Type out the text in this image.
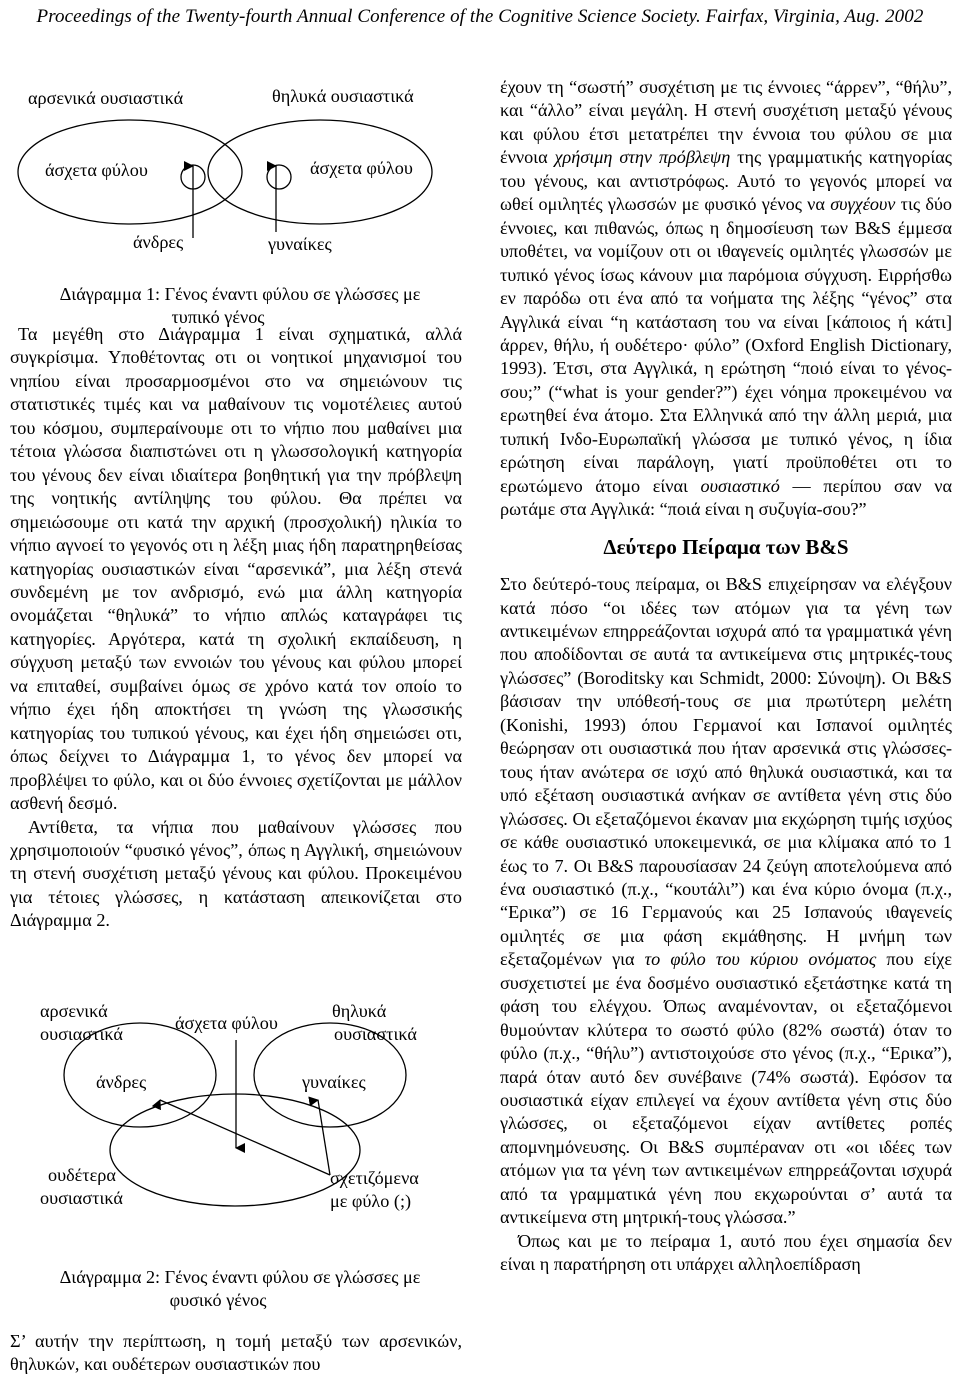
Proceedings of the Twenty-fourth Annual Conference of the Cognitive Science Society. Fairfax, Virginia, Aug. 2002
αρσενικά ουσιαστικά	θηλυκά ουσιαστικά
άσχετα φύλου	άσχετα φύλου
άνδρες	γυναίκες
Διάγραμμα 1: Γένος έναντι φύλου σε γλώσσες με
τυπικό γένος

Τα μεγέθη στο Διάγραμμα 1 είναι σχηματικά, αλλά συγκρίσιμα. Υποθέτοντας οτι οι νοητικοί μηχανισμοί του νηπίου είναι προσαρμοσμένοι στο να σημειώνουν τις στατιστικές τιμές και να μαθαίνουν τις νομοτέλειες αυτού του κόσμου, συμπεραίνουμε οτι το νήπιο που μαθαίνει μια τέτοια γλώσσα διαπιστώνει οτι η γλωσσολογική κατηγορία του γένους δεν είναι ιδιαίτερα βοηθητική για την πρόβλεψη της νοητικής αντίληψης του φύλου. Θα πρέπει να σημειώσουμε οτι κατά την αρχική (προσχολική) ηλικία το νήπιο αγνοεί το γεγονός οτι η λέξη μιας ήδη παρατηρηθείσας κατηγορίας ουσιαστικών είναι “αρσενικά”, μια λέξη στενά συνδεμένη με τον ανδρισμό, ενώ μια άλλη κατηγορία ονομάζεται “θηλυκά” το νήπιο απλώς καταγράφει τις κατηγορίες. Αργότερα, κατά τη σχολική εκπαίδευση, η σύγχυση μεταξύ των εννοιών του γένους και φύλου μπορεί να επιταθεί, συμβαίνει όμως σε χρόνο κατά τον οποίο το νήπιο έχει ήδη αποκτήσει τη γνώση της γλωσσικής κατηγορίας του τυπικού γένους, και έχει ήδη σημειώσει οτι, όπως δείχνει το Διάγραμμα 1, το γένος δεν μπορεί να προβλέψει το φύλο, και οι δύο έννοιες σχετίζονται με μάλλον ασθενή δεσμό.

Αντίθετα, τα νήπια που μαθαίνουν γλώσσες που χρησιμοποιούν “φυσικό γένος”, όπως η Αγγλική, σημειώνουν τη στενή συσχέτιση μεταξύ γένους και φύλου. Προκειμένου για τέτοιες γλώσσες, η κατάσταση απεικονίζεται στο Διάγραμμα 2.

αρσενικά
ουσιαστικά
άσχετα φύλου
θηλυκά
ουσιαστικά
άνδρες	γυναίκες
ουδέτερα
ουσιαστικά
σχετιζόμενα
με φύλο (;)
Διάγραμμα 2: Γένος έναντι φύλου σε γλώσσες με
φυσικό γένος

Σ’ αυτήν την περίπτωση, η τομή μεταξύ των αρσενικών, θηλυκών, και ουδέτερων ουσιαστικών που

έχουν τη “σωστή” συσχέτιση με τις έννοιες “άρρεν”, “θήλυ”, και “άλλο” είναι μεγάλη. Η στενή συσχέτιση μεταξύ γένους και φύλου έτσι μετατρέπει την έννοια του φύλου σε μια έννοια χρήσιμη στην πρόβλεψη της γραμματικής κατηγορίας του γένους, και αντιστρόφως. Αυτό το γεγονός μπορεί να ωθεί ομιλητές γλωσσών με φυσικό γένος να συγχέουν τις δύο έννοιες, και πιθανώς, όπως η δημοσίευση των B&S έμμεσα υποθέτει, να νομίζουν οτι οι ιθαγενείς ομιλητές γλωσσών με τυπικό γένος ίσως κάνουν μια παρόμοια σύγχυση. Ειρρήσθω εν παρόδω οτι ένα από τα νοήματα της λέξης “γένος” στα Αγγλικά είναι “η κατάσταση του να είναι [κάποιος ή κάτι] άρρεν, θήλυ, ή ουδέτερο· φύλο” (Oxford English Dictionary, 1993). Έτσι, στα Αγγλικά, η ερώτηση “ποιό είναι το γένος-σου;” (“what is your gender?”) έχει νόημα προκειμένου να ερωτηθεί ένα άτομο. Στα Ελληνικά από την άλλη μεριά, μια τυπική Ινδο-Ευρωπαϊκή γλώσσα με τυπικό γένος, η ίδια ερώτηση είναι παράλογη, γιατί προϋποθέτει οτι το ερωτώμενο άτομο είναι ουσιαστικό — περίπου σαν να ρωτάμε στα Αγγλικά: “ποιά είναι η συζυγία-σου?”

Δεύτερο Πείραμα των B&S

Στο δεύτερό-τους πείραμα, οι B&S επιχείρησαν να ελέγξουν κατά πόσο “οι ιδέες των ατόμων για τα γένη των αντικειμένων επηρρεάζονται ισχυρά από τα γραμματικά γένη που αποδίδονται σε αυτά τα αντικείμενα στις μητρικές-τους γλώσσες” (Boroditsky και Schmidt, 2000: Σύνοψη). Οι B&S βάσισαν την υπόθεσή-τους σε μια πρωτύτερη μελέτη (Konishi, 1993) όπου Γερμανοί και Ισπανοί ομιλητές θεώρησαν οτι ουσιαστικά που ήταν αρσενικά στις γλώσσες-τους ήταν ανώτερα σε ισχύ από θηλυκά ουσιαστικά, και τα υπό εξέταση ουσιαστικά ανήκαν σε αντίθετα γένη στις δύο γλώσσες. Οι εξεταζόμενοι έκαναν μια εκχώρηση τιμής ισχύος σε κάθε ουσιαστικό υποκειμενικά, σε μια κλίμακα από το 1 έως το 7. Οι B&S παρουσίασαν 24 ζεύγη αποτελούμενα από ένα ουσιαστικό (π.χ., “κουτάλι”) και ένα κύριο όνομα (π.χ., “Ερικα”) σε 16 Γερμανούς και 25 Ισπανούς ιθαγενείς ομιλητές σε μια φάση εκμάθησης. Η μνήμη των εξεταζομένων για το φύλο του κύριου ονόματος που είχε συσχετιστεί με ένα δοσμένο ουσιαστικό εξετάστηκε κατά τη φάση του ελέγχου. Όπως αναμένονταν, οι εξεταζόμενοι θυμούνταν κλύτερα το σωστό φύλο (82% σωστά) όταν το φύλο (π.χ., “θήλυ”) αντιστοιχούσε στο γένος (π.χ., “Ερικα”), παρά όταν αυτό δεν συνέβαινε (74% σωστά). Εφόσον τα ουσιαστικά είχαν επιλεγεί να έχουν αντίθετα γένη στις δύο γλώσσες, οι εξεταζόμενοι είχαν αντίθετες ροπές απομνημόνευσης. Οι B&S συμπέραναν οτι «οι ιδέες των ατόμων για τα γένη των αντικειμένων επηρρεάζονται ισχυρά από τα γραμματικά γένη που εκχωρούνται σ’ αυτά τα αντικείμενα στη μητρική-τους γλώσσα.”

Όπως και με το πείραμα 1, αυτό που έχει σημασία δεν είναι η παρατήρηση οτι υπάρχει αλληλοεπίδραση
